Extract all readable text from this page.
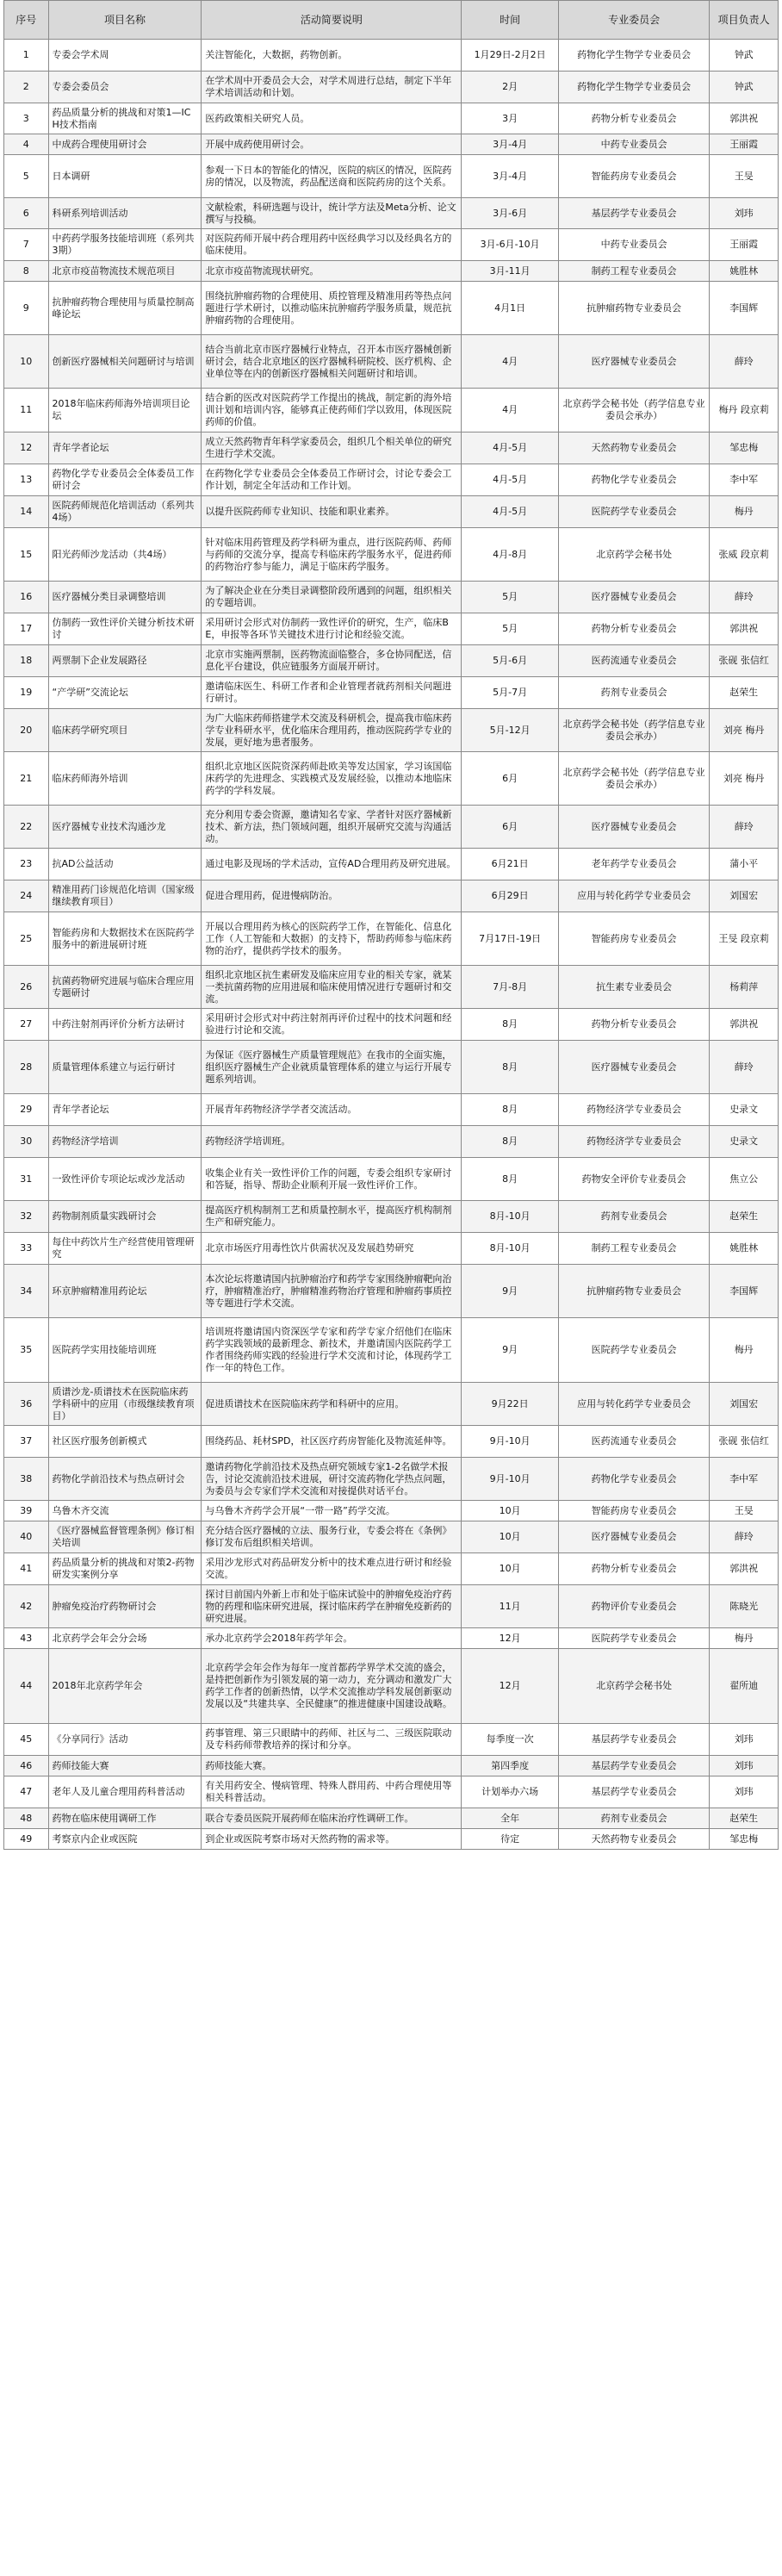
序号	项目名称	活动简要说明	时间	专业委员会	项目负责人
1	专委会学术周	关注智能化，大数据，药物创新。	1月29日-2月2日	药物化学生物学专业委员会	钟武
2	专委会委员会	在学术周中开委员会大会，对学术周进行总结，制定下半年学术培训活动和计划。	2月	药物化学生物学专业委员会	钟武
3	药品质量分析的挑战和对策1—ICH技术指南	医药政策相关研究人员。	3月	药物分析专业委员会	郭洪祝
4	中成药合理使用研讨会	开展中成药使用研讨会。	3月-4月	中药专业委员会	王丽霞
5	日本调研	参观一下日本的智能化的情况，医院的病区的情况，医院药房的情况，以及物流，药品配送商和医院药房的这个关系。	3月-4月	智能药房专业委员会	王旻
6	科研系列培训活动	文献检索，科研选题与设计，统计学方法及Meta分析、论文撰写与投稿。	3月-6月	基层药学专业委员会	刘玮
7	中药药学服务技能培训班（系列共3期）	对医院药师开展中药合理用药中医经典学习以及经典名方的临床使用。	3月-6月-10月	中药专业委员会	王丽霞
8	北京市疫苗物流技术规范项目	北京市疫苗物流现状研究。	3月-11月	制药工程专业委员会	姚胜林
9	抗肿瘤药物合理使用与质量控制高峰论坛	围绕抗肿瘤药物的合理使用、质控管理及精准用药等热点问题进行学术研讨，以推动临床抗肿瘤药学服务质量，规范抗肿瘤药物的合理使用。	4月1日	抗肿瘤药物专业委员会	李国辉
10	创新医疗器械相关问题研讨与培训	结合当前北京市医疗器械行业特点，召开本市医疗器械创新研讨会，结合北京地区的医疗器械科研院校、医疗机构、企业单位等在内的创新医疗器械相关问题研讨和培训。	4月	医疗器械专业委员会	薛玲
11	2018年临床药师海外培训项目论坛	结合新的医改对医院药学工作提出的挑战，制定新的海外培训计划和培训内容，能够真正使药师们学以致用，体现医院药师的价值。	4月	北京药学会秘书处（药学信息专业委员会承办）	梅丹 段京莉
12	青年学者论坛	成立天然药物青年科学家委员会，组织几个相关单位的研究生进行学术交流。	4月-5月	天然药物专业委员会	邹忠梅
13	药物化学专业委员会全体委员工作研讨会	在药物化学专业委员会全体委员工作研讨会，讨论专委会工作计划，制定全年活动和工作计划。	4月-5月	药物化学专业委员会	李中军
14	医院药师规范化培训活动（系列共4场）	以提升医院药师专业知识、技能和职业素养。	4月-5月	医院药学专业委员会	梅丹
15	阳光药师沙龙活动（共4场）	针对临床用药管理及药学科研为重点，进行医院药师、药师与药师的交流分享，提高专科临床药学服务水平，促进药师的药物治疗参与能力，满足于临床药学服务。	4月-8月	北京药学会秘书处	张威 段京莉
16	医疗器械分类目录调整培训	为了解决企业在分类目录调整阶段所遇到的问题，组织相关的专题培训。	5月	医疗器械专业委员会	薛玲
17	仿制药一致性评价关键分析技术研讨	采用研讨会形式对仿制药一致性评价的研究，生产，临床BE，申报等各环节关键技术进行讨论和经验交流。	5月	药物分析专业委员会	郭洪祝
18	两票制下企业发展路径	北京市实施两票制，医药物流面临整合，多仓协同配送，信息化平台建设，供应链服务方面展开研讨。	5月-6月	医药流通专业委员会	张砚 张信红
19	“产学研”交流论坛	邀请临床医生、科研工作者和企业管理者就药剂相关问题进行研讨。	5月-7月	药剂专业委员会	赵荣生
20	临床药学研究项目	为广大临床药师搭建学术交流及科研机会，提高我市临床药学专业科研水平，优化临床合理用药，推动医院药学专业的发展，更好地为患者服务。	5月-12月	北京药学会秘书处（药学信息专业委员会承办）	刘亮 梅丹
21	临床药师海外培训	组织北京地区医院资深药师赴欧美等发达国家，学习该国临床药学的先进理念、实践模式及发展经验，以推动本地临床药学的学科发展。	6月	北京药学会秘书处（药学信息专业委员会承办）	刘亮 梅丹
22	医疗器械专业技术沟通沙龙	充分利用专委会资源，邀请知名专家、学者针对医疗器械新技术、新方法，热门领域问题，组织开展研究交流与沟通活动。	6月	医疗器械专业委员会	薛玲
23	抗AD公益活动	通过电影及现场的学术活动，宣传AD合理用药及研究进展。	6月21日	老年药学专业委员会	蒲小平
24	精准用药门诊规范化培训（国家级继续教育项目）	促进合理用药，促进慢病防治。	6月29日	应用与转化药学专业委员会	刘国宏
25	智能药房和大数据技术在医院药学服务中的新进展研讨班	开展以合理用药为核心的医院药学工作，在智能化、信息化工作（人工智能和大数据）的支持下，帮助药师参与临床药物的治疗，提供药学技术的服务。	7月17日-19日	智能药房专业委员会	王旻 段京莉
26	抗菌药物研究进展与临床合理应用专题研讨	组织北京地区抗生素研发及临床应用专业的相关专家，就某一类抗菌药物的应用进展和临床使用情况进行专题研讨和交流。	7月-8月	抗生素专业委员会	杨莉萍
27	中药注射剂再评价分析方法研讨	采用研讨会形式对中药注射剂再评价过程中的技术问题和经验进行讨论和交流。	8月	药物分析专业委员会	郭洪祝
28	质量管理体系建立与运行研讨	为保证《医疗器械生产质量管理规范》在我市的全面实施，组织医疗器械生产企业就质量管理体系的建立与运行开展专题系列培训。	8月	医疗器械专业委员会	薛玲
29	青年学者论坛	开展青年药物经济学学者交流活动。	8月	药物经济学专业委员会	史录文
30	药物经济学培训	药物经济学培训班。	8月	药物经济学专业委员会	史录文
31	一致性评价专项论坛或沙龙活动	收集企业有关一致性评价工作的问题，专委会组织专家研讨和答疑，指导、帮助企业顺利开展一致性评价工作。	8月	药物安全评价专业委员会	焦立公
32	药物制剂质量实践研讨会	提高医疗机构制剂工艺和质量控制水平，提高医疗机构制剂生产和研究能力。	8月-10月	药剂专业委员会	赵荣生
33	每住中药饮片生产经营使用管理研究	北京市场医疗用毒性饮片供需状况及发展趋势研究	8月-10月	制药工程专业委员会	姚胜林
34	环京肿瘤精准用药论坛	本次论坛将邀请国内抗肿瘤治疗和药学专家围绕肿瘤靶向治疗，肿瘤精准治疗，肿瘤精准药物治疗管理和肿瘤药事质控等专题进行学术交流。	9月	抗肿瘤药物专业委员会	李国辉
35	医院药学实用技能培训班	培训班将邀请国内资深医学专家和药学专家介绍他们在临床药学实践领域的最新理念、新技术，并邀请国内医院药学工作者围绕药师实践的经验进行学术交流和讨论，体现药学工作一年的特色工作。	9月	医院药学专业委员会	梅丹
36	质谱沙龙-质谱技术在医院临床药学科研中的应用（市级继续教育项目）	促进质谱技术在医院临床药学和科研中的应用。	9月22日	应用与转化药学专业委员会	刘国宏
37	社区医疗服务创新模式	围绕药品、耗材SPD，社区医疗药房智能化及物流延伸等。	9月-10月	医药流通专业委员会	张砚 张信红
38	药物化学前沿技术与热点研讨会	邀请药物化学前沿技术及热点研究领域专家1-2名做学术报告，讨论交流前沿技术进展，研讨交流药物化学热点问题，为委员与会专家们学术交流和对接提供对话平台。	9月-10月	药物化学专业委员会	李中军
39	乌鲁木齐交流	与乌鲁木齐药学会开展“一带一路”药学交流。	10月	智能药房专业委员会	王旻
40	《医疗器械监督管理条例》修订相关培训	充分结合医疗器械的立法、服务行业，专委会将在《条例》修订发布后组织相关培训。	10月	医疗器械专业委员会	薛玲
41	药品质量分析的挑战和对策2-药物研发实案例分享	采用沙龙形式对药品研发分析中的技术难点进行研讨和经验交流。	10月	药物分析专业委员会	郭洪祝
42	肿瘤免疫治疗药物研讨会	探讨目前国内外新上市和处于临床试验中的肿瘤免疫治疗药物的药理和临床研究进展，探讨临床药学在肿瘤免疫新药的研究进展。	11月	药物评价专业委员会	陈晓光
43	北京药学会年会分会场	承办北京药学会2018年药学年会。	12月	医院药学专业委员会	梅丹
44	2018年北京药学年会	北京药学会年会作为每年一度首都药学界学术交流的盛会，是持把创新作为引领发展的第一动力，充分调动和激发广大药学工作者的创新热情，以学术交流推动学科发展创新驱动发展以及“共建共享、全民健康”的推进健康中国建设战略。	12月	北京药学会秘书处	翟所迪
45	《分享同行》活动	药事管理、第三只眼睛中的药师、社区与二、三级医院联动及专科药师带教培养的探讨和分享。	每季度一次	基层药学专业委员会	刘玮
46	药师技能大赛	药师技能大赛。	第四季度	基层药学专业委员会	刘玮
47	老年人及儿童合理用药科普活动	有关用药安全、慢病管理、特殊人群用药、中药合理使用等相关科普活动。	计划举办六场	基层药学专业委员会	刘玮
48	药物在临床使用调研工作	联合专委员医院开展药师在临床治疗性调研工作。	全年	药剂专业委员会	赵荣生
49	考察京内企业或医院	到企业或医院考察市场对天然药物的需求等。	待定	天然药物专业委员会	邹忠梅
